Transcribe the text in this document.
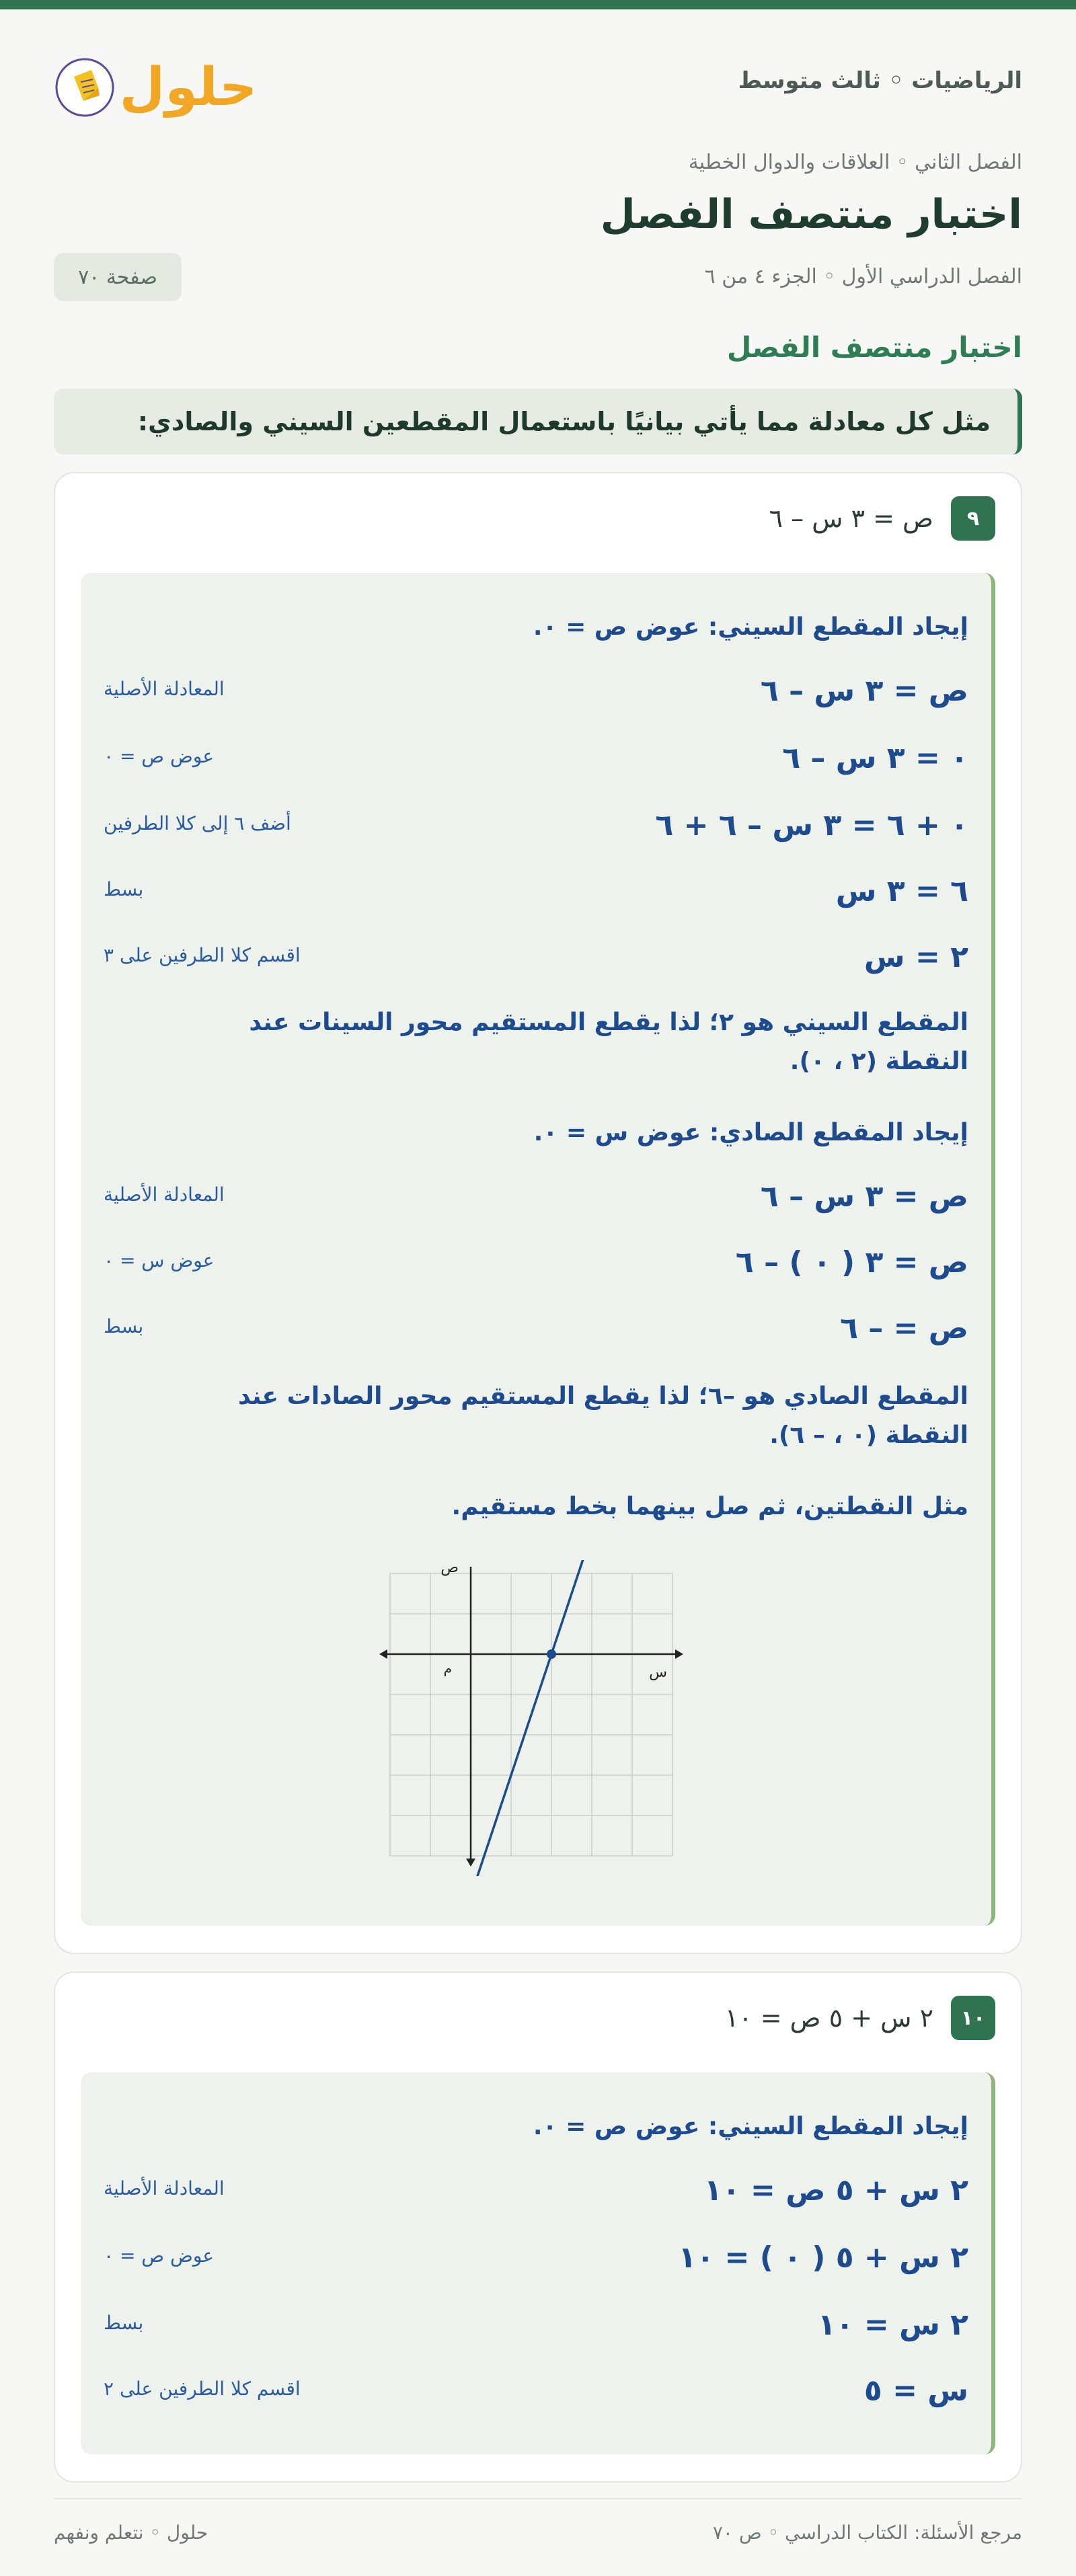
الرياضيات ◦ ثالث متوسط
حلول
الفصل الثاني ◦ العلاقات والدوال الخطية
اختبار منتصف الفصل
الفصل الدراسي الأول ◦ الجزء ٤ من ٦
صفحة ٧٠
اختبار منتصف الفصل
مثل كل معادلة مما يأتي بيانيًا باستعمال المقطعين السيني والصادي:
٩
ص = ٣ س – ٦
إيجاد المقطع السيني: عوض ص = ٠.
ص = ٣ س – ٦
المعادلة الأصلية
٠ = ٣ س – ٦
عوض ص = ٠
٠ + ٦ = ٣ س – ٦ + ٦
أضف ٦ إلى كلا الطرفين
٦ = ٣ س
بسط
٢ = س
اقسم كلا الطرفين على ٣
المقطع السيني هو ٢؛ لذا يقطع المستقيم محور السينات عند النقطة (٢ ، ٠).
إيجاد المقطع الصادي: عوض س = ٠.
ص = ٣ س – ٦
المعادلة الأصلية
ص = ٣ ( ٠ ) – ٦
عوض س = ٠
ص = – ٦
بسط
المقطع الصادي هو –٦؛ لذا يقطع المستقيم محور الصادات عند النقطة (٠ ، – ٦).
مثل النقطتين، ثم صل بينهما بخط مستقيم.
١٠
٢ س + ٥ ص = ١٠
إيجاد المقطع السيني: عوض ص = ٠.
٢ س + ٥ ص = ١٠
المعادلة الأصلية
٢ س + ٥ ( ٠ ) = ١٠
عوض ص = ٠
٢ س = ١٠
بسط
س = ٥
اقسم كلا الطرفين على ٢
س
ص
م
مرجع الأسئلة: الكتاب الدراسي ◦ ص ٧٠
حلول ◦ نتعلم ونفهم
